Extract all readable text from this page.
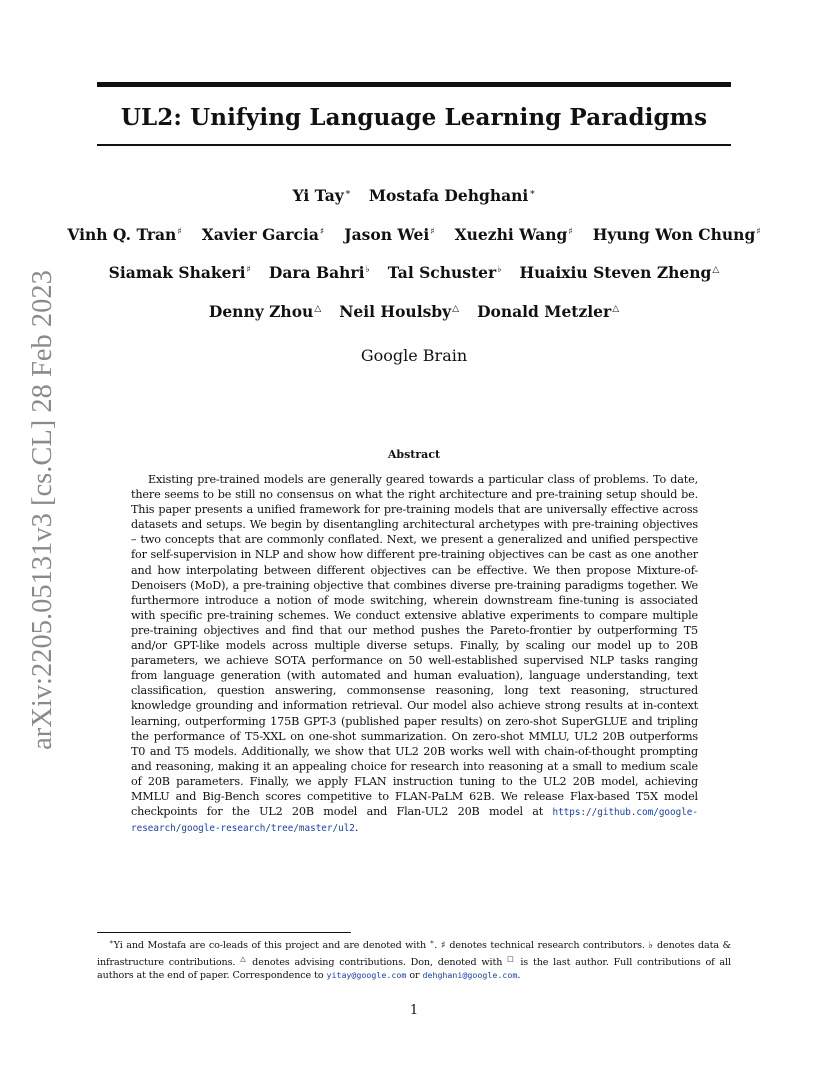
arXiv:2205.05131v3 [cs.CL] 28 Feb 2023
UL2: Unifying Language Learning Paradigms
Yi Tay∗ Mostafa Dehghani∗
Vinh Q. Tran♯ Xavier Garcia♯ Jason Wei♯ Xuezhi Wang♯ Hyung Won Chung♯
Siamak Shakeri♯ Dara Bahri♭ Tal Schuster♭ Huaixiu Steven Zheng△
Denny Zhou△ Neil Houlsby△ Donald Metzler△
Google Brain
Abstract

Existing pre-trained models are generally geared towards a particular class of problems. To date, there seems to be still no consensus on what the right architecture and pre-training setup should be. This paper presents a unified framework for pre-training models that are universally effective across datasets and setups. We begin by disentangling architectural archetypes with pre-training objectives – two concepts that are commonly conflated. Next, we present a generalized and unified perspective for self-supervision in NLP and show how different pre-training objectives can be cast as one another and how interpolating between different objectives can be effective. We then propose Mixture-of-Denoisers (MoD), a pre-training objective that combines diverse pre-training paradigms together. We furthermore introduce a notion of mode switching, wherein downstream fine-tuning is associated with specific pre-training schemes. We conduct extensive ablative experiments to compare multiple pre-training objectives and find that our method pushes the Pareto-frontier by outperforming T5 and/or GPT-like models across multiple diverse setups. Finally, by scaling our model up to 20B parameters, we achieve SOTA performance on 50 well-established supervised NLP tasks ranging from language generation (with automated and human evaluation), language understanding, text classification, question answering, commonsense reasoning, long text reasoning, structured knowledge grounding and information retrieval. Our model also achieve strong results at in-context learning, outperforming 175B GPT-3 (published paper results) on zero-shot SuperGLUE and tripling the performance of T5-XXL on one-shot summarization. On zero-shot MMLU, UL2 20B outperforms T0 and T5 models. Additionally, we show that UL2 20B works well with chain-of-thought prompting and reasoning, making it an appealing choice for research into reasoning at a small to medium scale of 20B parameters. Finally, we apply FLAN instruction tuning to the UL2 20B model, achieving MMLU and Big-Bench scores competitive to FLAN-PaLM 62B. We release Flax-based T5X model checkpoints for the UL2 20B model and Flan-UL2 20B model at https://github.com/google-research/google-research/tree/master/ul2.

∗Yi and Mostafa are co-leads of this project and are denoted with ∗. ♯ denotes technical research contributors. ♭ denotes data & infrastructure contributions. △ denotes advising contributions. Don, denoted with □ is the last author. Full contributions of all authors at the end of paper. Correspondence to yitay@google.com or dehghani@google.com.

1
